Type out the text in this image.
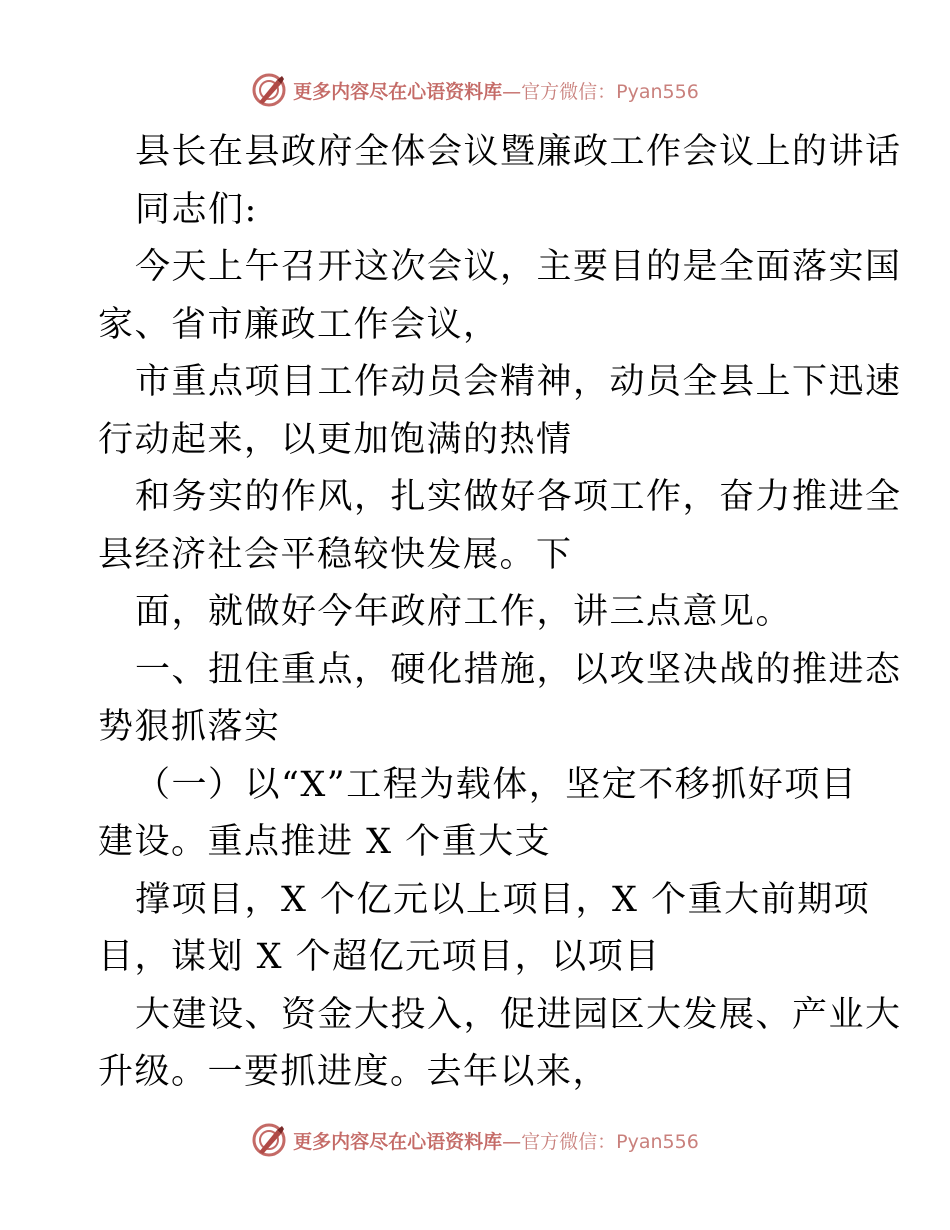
更多内容尽在心语资料库—官方微信：Pyan556
县长在县政府全体会议暨廉政工作会议上的讲话
同志们:
今天上午召开这次会议，主要目的是全面落实国
家、省市廉政工作会议，
市重点项目工作动员会精神，动员全县上下迅速
行动起来，以更加饱满的热情
和务实的作风，扎实做好各项工作，奋力推进全
县经济社会平稳较快发展。下
面，就做好今年政府工作，讲三点意见。
一、扭住重点，硬化措施，以攻坚决战的推进态
势狠抓落实
（一）以“X”工程为载体，坚定不移抓好项目
建设。重点推进 X 个重大支
撑项目，X 个亿元以上项目，X 个重大前期项
目，谋划 X 个超亿元项目，以项目
大建设、资金大投入，促进园区大发展、产业大
升级。一要抓进度。去年以来，
更多内容尽在心语资料库—官方微信：Pyan556
